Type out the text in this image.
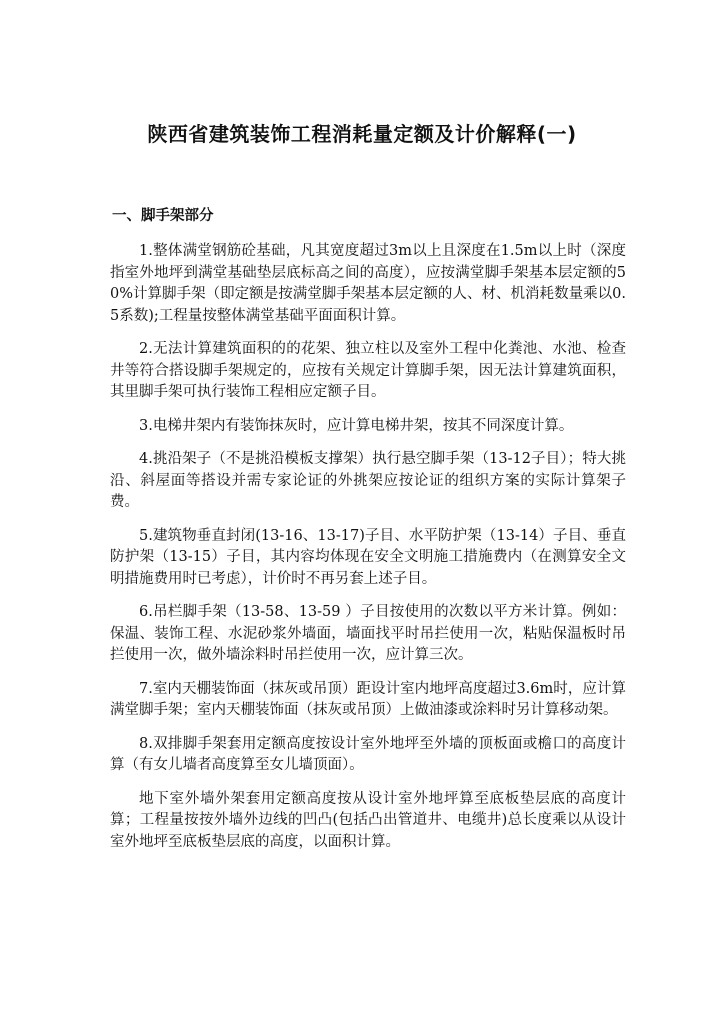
陕西省建筑装饰工程消耗量定额及计价解释(一)
一、脚手架部分

1.整体满堂钢筋砼基础，凡其宽度超过3m以上且深度在1.5m以上时（深度指室外地坪到满堂基础垫层底标高之间的高度），应按满堂脚手架基本层定额的50%计算脚手架（即定额是按满堂脚手架基本层定额的人、材、机消耗数量乘以0.5系数);工程量按整体满堂基础平面面积计算。

2.无法计算建筑面积的的花架、独立柱以及室外工程中化粪池、水池、检查井等符合搭设脚手架规定的，应按有关规定计算脚手架，因无法计算建筑面积，其里脚手架可执行装饰工程相应定额子目。

3.电梯井架内有装饰抹灰时，应计算电梯井架，按其不同深度计算。

4.挑沿架子（不是挑沿模板支撑架）执行悬空脚手架（13-12子目）；特大挑沿、斜屋面等搭设并需专家论证的外挑架应按论证的组织方案的实际计算架子费。

5.建筑物垂直封闭(13-16、13-17)子目、水平防护架（13-14）子目、垂直防护架（13-15）子目，其内容均体现在安全文明施工措施费内（在测算安全文明措施费用时已考虑），计价时不再另套上述子目。

6.吊栏脚手架（13-58、13-59 ）子目按使用的次数以平方米计算。例如：保温、装饰工程、水泥砂浆外墙面，墙面找平时吊拦使用一次，粘贴保温板时吊拦使用一次，做外墙涂料时吊拦使用一次，应计算三次。

7.室内天棚装饰面（抹灰或吊顶）距设计室内地坪高度超过3.6m时，应计算满堂脚手架；室内天棚装饰面（抹灰或吊顶）上做油漆或涂料时另计算移动架。

8.双排脚手架套用定额高度按设计室外地坪至外墙的顶板面或檐口的高度计算（有女儿墙者高度算至女儿墙顶面）。

地下室外墙外架套用定额高度按从设计室外地坪算至底板垫层底的高度计算；工程量按按外墙外边线的凹凸(包括凸出管道井、电缆井)总长度乘以从设计室外地坪至底板垫层底的高度，以面积计算。
